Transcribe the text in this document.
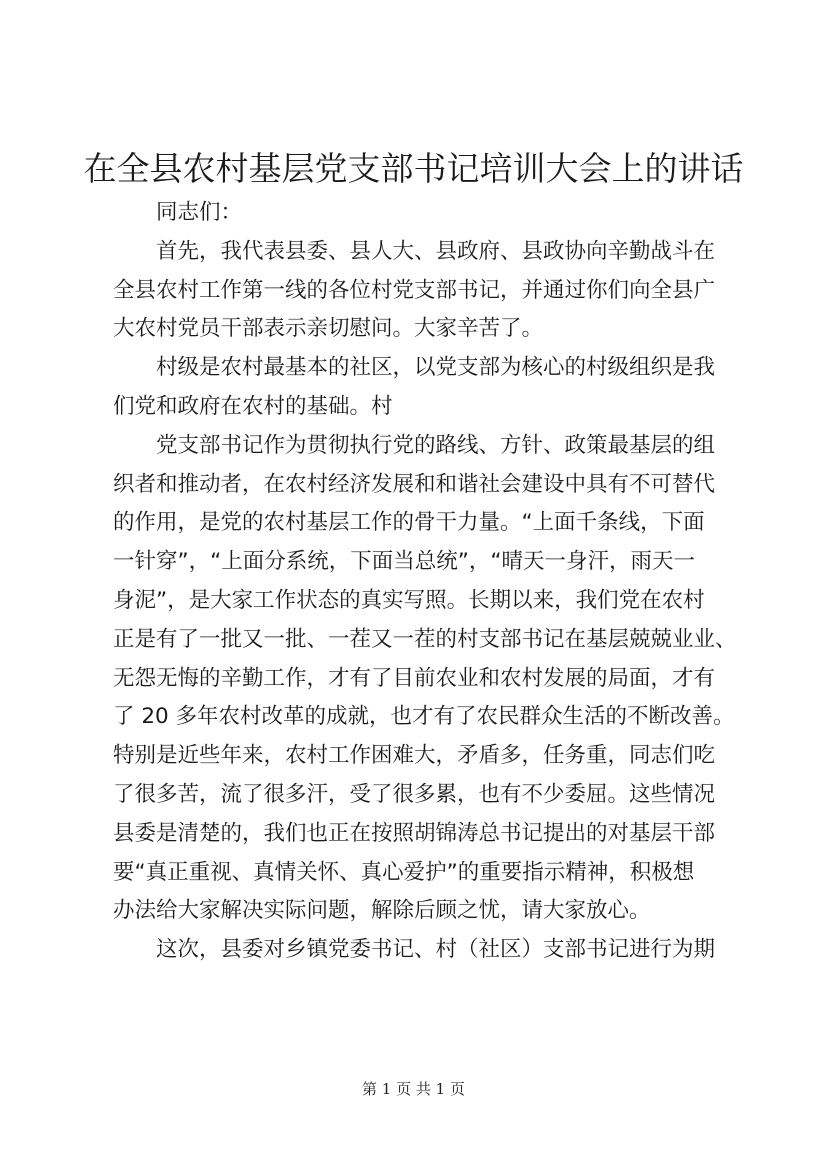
在全县农村基层党支部书记培训大会上的讲话
同志们：
首先，我代表县委、县人大、县政府、县政协向辛勤战斗在
全县农村工作第一线的各位村党支部书记，并通过你们向全县广
大农村党员干部表示亲切慰问。大家辛苦了。
村级是农村最基本的社区，以党支部为核心的村级组织是我
们党和政府在农村的基础。村
党支部书记作为贯彻执行党的路线、方针、政策最基层的组
织者和推动者，在农村经济发展和和谐社会建设中具有不可替代
的作用，是党的农村基层工作的骨干力量。“上面千条线，下面
一针穿”，“上面分系统，下面当总统”，“晴天一身汗，雨天一
身泥”，是大家工作状态的真实写照。长期以来，我们党在农村
正是有了一批又一批、一茬又一茬的村支部书记在基层兢兢业业、
无怨无悔的辛勤工作，才有了目前农业和农村发展的局面，才有
了 20 多年农村改革的成就，也才有了农民群众生活的不断改善。
特别是近些年来，农村工作困难大，矛盾多，任务重，同志们吃
了很多苦，流了很多汗，受了很多累，也有不少委屈。这些情况
县委是清楚的，我们也正在按照胡锦涛总书记提出的对基层干部
要“真正重视、真情关怀、真心爱护”的重要指示精神，积极想
办法给大家解决实际问题，解除后顾之忧，请大家放心。
这次，县委对乡镇党委书记、村（社区）支部书记进行为期
第 1 页 共 1 页
